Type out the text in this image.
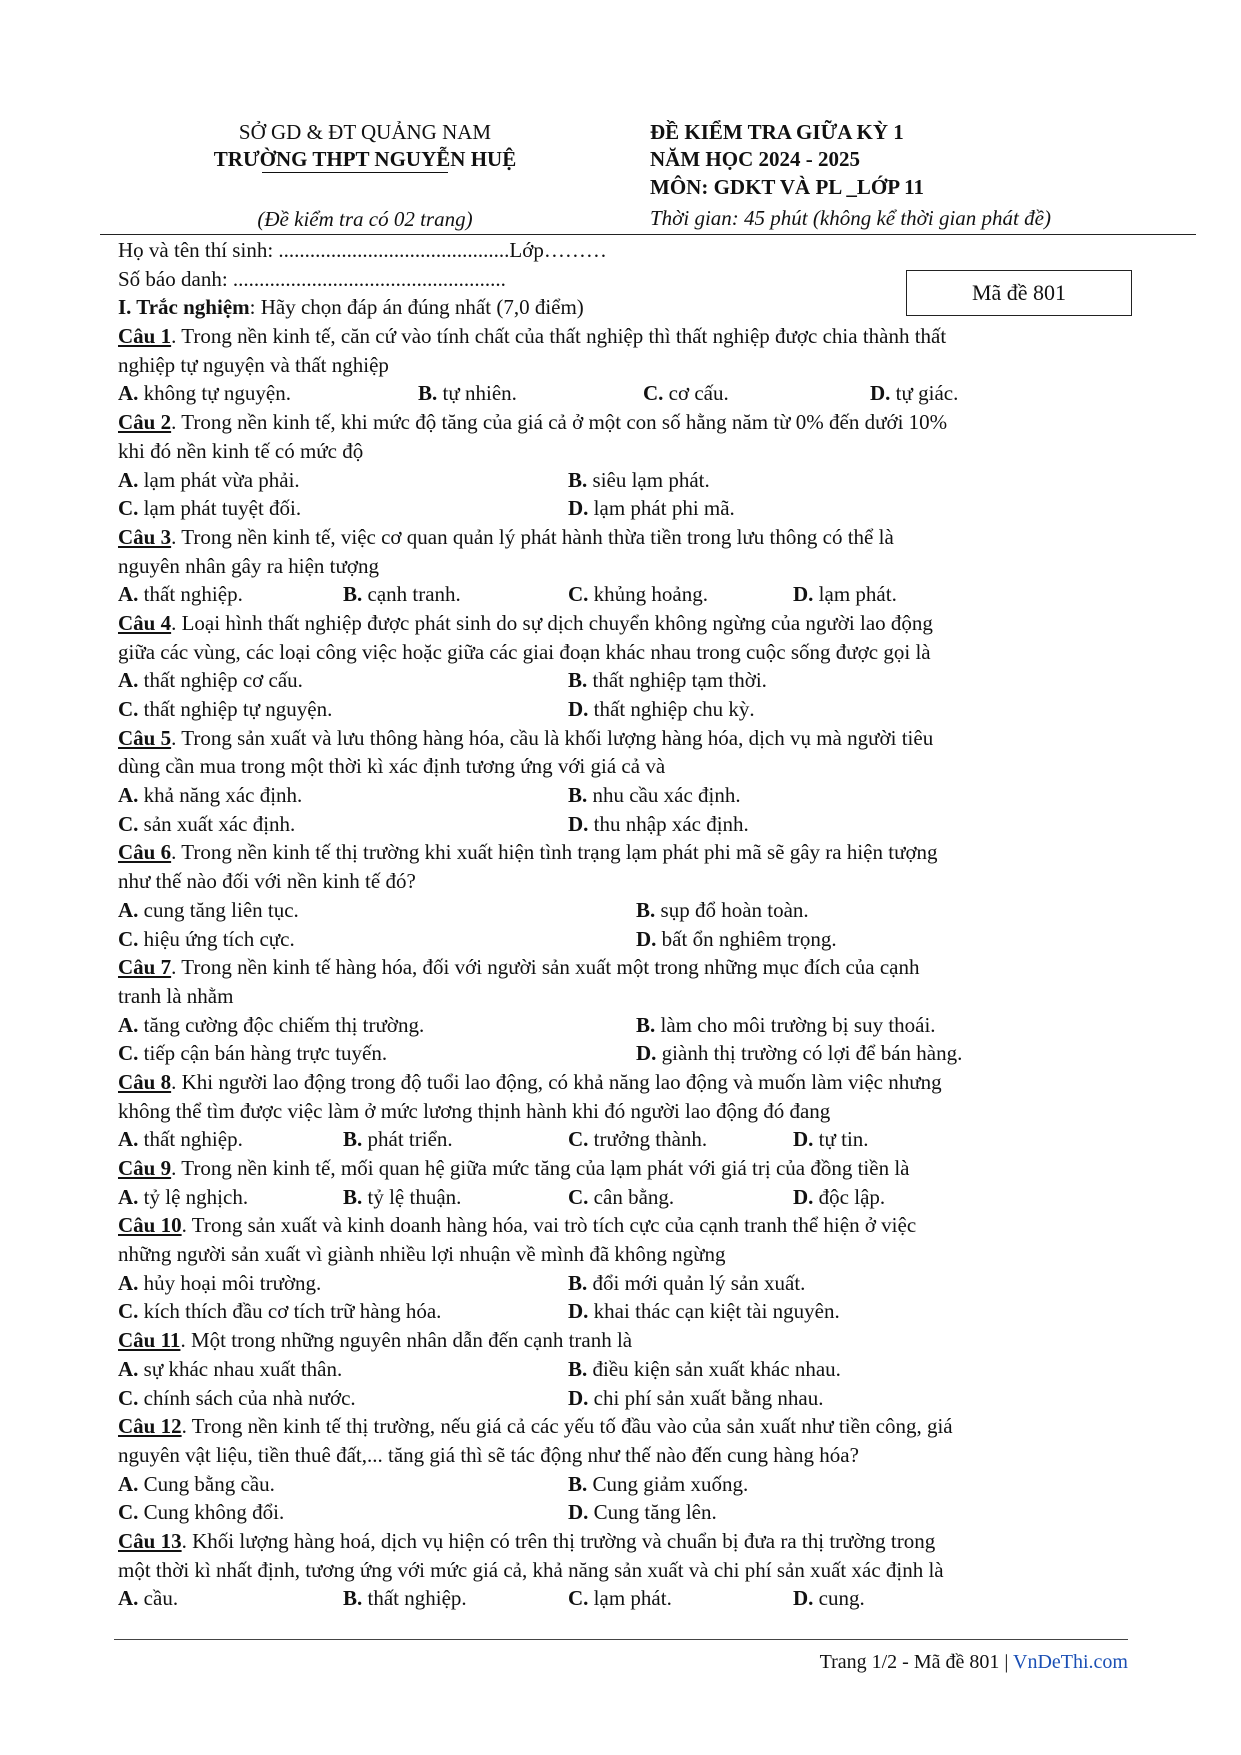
SỞ GD & ĐT QUẢNG NAM
TRƯỜNG THPT NGUYỄN HUỆ
(Đề kiểm tra có 02 trang)
ĐỀ KIỂM TRA GIỮA KỲ 1
NĂM HỌC 2024 - 2025
MÔN: GDKT VÀ PL _LỚP 11
Thời gian: 45 phút (không kể thời gian phát đề)
Mã đề 801
Họ và tên thí sinh: ............................................Lớp………
Số báo danh: ....................................................
I. Trắc nghiệm: Hãy chọn đáp án đúng nhất (7,0 điểm)
Câu 1. Trong nền kinh tế, căn cứ vào tính chất của thất nghiệp thì thất nghiệp được chia thành thất
nghiệp tự nguyện và thất nghiệp
A. không tự nguyện.	B. tự nhiên.	C. cơ cấu.	D. tự giác.
Câu 2. Trong nền kinh tế, khi mức độ tăng của giá cả ở một con số hằng năm từ 0% đến dưới 10%
khi đó nền kinh tế có mức độ
A. lạm phát vừa phải.	B. siêu lạm phát.
C. lạm phát tuyệt đối.	D. lạm phát phi mã.
Câu 3. Trong nền kinh tế, việc cơ quan quản lý phát hành thừa tiền trong lưu thông có thể là
nguyên nhân gây ra hiện tượng
A. thất nghiệp.	B. cạnh tranh.	C. khủng hoảng.	D. lạm phát.
Câu 4. Loại hình thất nghiệp được phát sinh do sự dịch chuyển không ngừng của người lao động
giữa các vùng, các loại công việc hoặc giữa các giai đoạn khác nhau trong cuộc sống được gọi là
A. thất nghiệp cơ cấu.	B. thất nghiệp tạm thời.
C. thất nghiệp tự nguyện.	D. thất nghiệp chu kỳ.
Câu 5. Trong sản xuất và lưu thông hàng hóa, cầu là khối lượng hàng hóa, dịch vụ mà người tiêu
dùng cần mua trong một thời kì xác định tương ứng với giá cả và
A. khả năng xác định.	B. nhu cầu xác định.
C. sản xuất xác định.	D. thu nhập xác định.
Câu 6. Trong nền kinh tế thị trường khi xuất hiện tình trạng lạm phát phi mã sẽ gây ra hiện tượng
như thế nào đối với nền kinh tế đó?
A. cung tăng liên tục.	B. sụp đổ hoàn toàn.
C. hiệu ứng tích cực.	D. bất ổn nghiêm trọng.
Câu 7. Trong nền kinh tế hàng hóa, đối với người sản xuất một trong những mục đích của cạnh
tranh là nhằm
A. tăng cường độc chiếm thị trường.	B. làm cho môi trường bị suy thoái.
C. tiếp cận bán hàng trực tuyến.	D. giành thị trường có lợi để bán hàng.
Câu 8. Khi người lao động trong độ tuổi lao động, có khả năng lao động và muốn làm việc nhưng
không thể tìm được việc làm ở mức lương thịnh hành khi đó người lao động đó đang
A. thất nghiệp.	B. phát triển.	C. trưởng thành.	D. tự tin.
Câu 9. Trong nền kinh tế, mối quan hệ giữa mức tăng của lạm phát với giá trị của đồng tiền là
A. tỷ lệ nghịch.	B. tỷ lệ thuận.	C. cân bằng.	D. độc lập.
Câu 10. Trong sản xuất và kinh doanh hàng hóa, vai trò tích cực của cạnh tranh thể hiện ở việc
những người sản xuất vì giành nhiều lợi nhuận về mình đã không ngừng
A. hủy hoại môi trường.	B. đổi mới quản lý sản xuất.
C. kích thích đầu cơ tích trữ hàng hóa.	D. khai thác cạn kiệt tài nguyên.
Câu 11. Một trong những nguyên nhân dẫn đến cạnh tranh là
A. sự khác nhau xuất thân.	B. điều kiện sản xuất khác nhau.
C. chính sách của nhà nước.	D. chi phí sản xuất bằng nhau.
Câu 12. Trong nền kinh tế thị trường, nếu giá cả các yếu tố đầu vào của sản xuất như tiền công, giá
nguyên vật liệu, tiền thuê đất,... tăng giá thì sẽ tác động như thế nào đến cung hàng hóa?
A. Cung bằng cầu.	B. Cung giảm xuống.
C. Cung không đổi.	D. Cung tăng lên.
Câu 13. Khối lượng hàng hoá, dịch vụ hiện có trên thị trường và chuẩn bị đưa ra thị trường trong
một thời kì nhất định, tương ứng với mức giá cả, khả năng sản xuất và chi phí sản xuất xác định là
A. cầu.	B. thất nghiệp.	C. lạm phát.	D. cung.
Trang 1/2 - Mã đề 801 | VnDeThi.com
